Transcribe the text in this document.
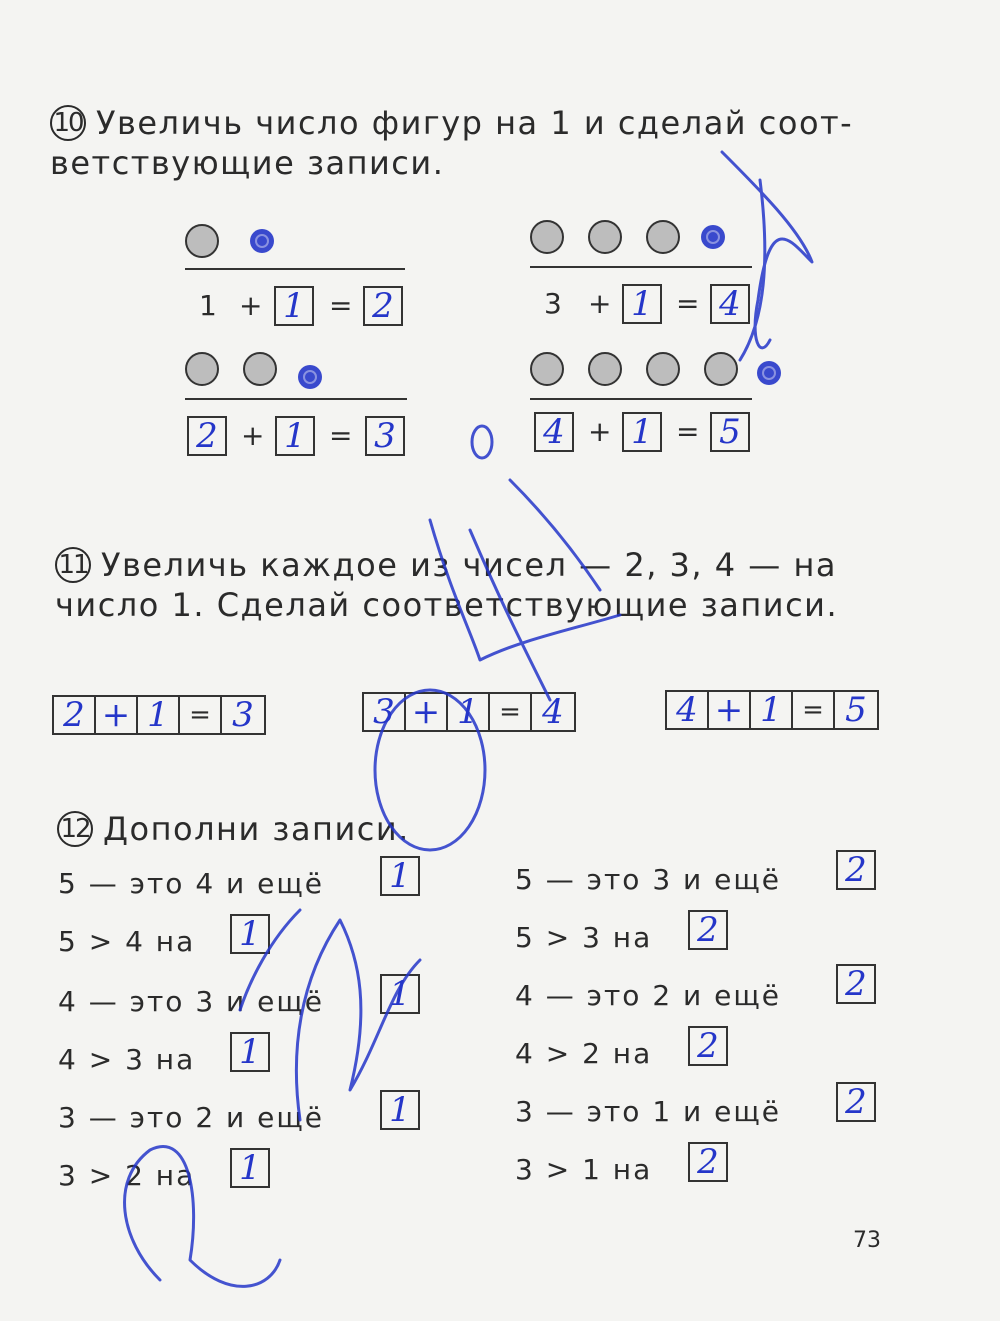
10 Увеличь число фигур на 1 и сделай соот-
ветствующие записи.
1 + 1 = 2	3 + 1 = 4
2 + 1 = 3	4 + 1 = 5
11 Увеличь каждое из чисел — 2, 3, 4 — на
число 1. Сделай соответствующие записи.
2 + 1 = 3	3 + 1 = 4	4 + 1 = 5
12 Дополни записи.
5 — это 4 и ещё 1
5 > 4 на 1
4 — это 3 и ещё 1
4 > 3 на 1
3 — это 2 и ещё 1
3 > 2 на 1
5 — это 3 и ещё 2
5 > 3 на 2
4 — это 2 и ещё 2
4 > 2 на 2
3 — это 1 и ещё 2
3 > 1 на 2
73
